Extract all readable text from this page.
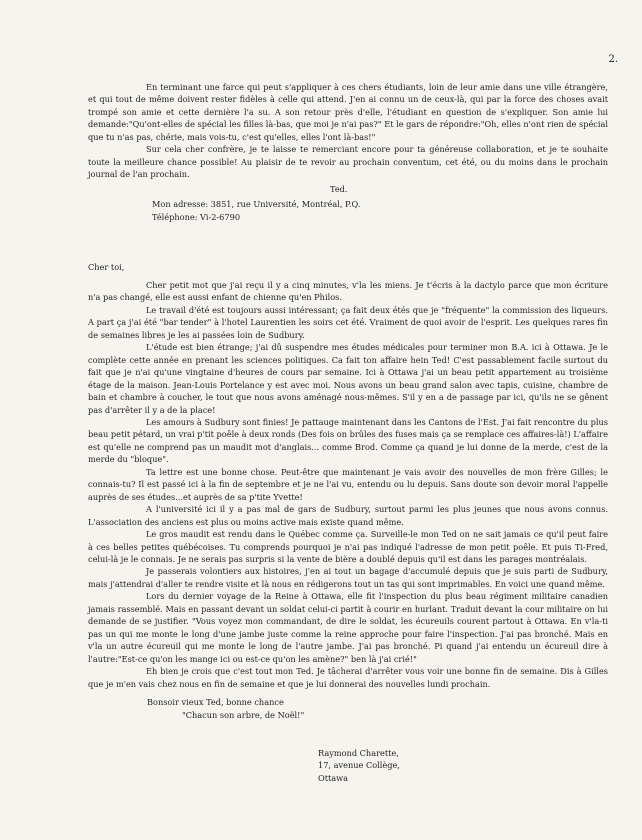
2.

En terminant une farce qui peut s'appliquer à ces chers étudiants, loin de leur amie dans une ville étrangère, et qui tout de même doivent rester fidèles à celle qui attend. J'en ai connu un de ceux-là, qui par la force des choses avait trompé son amie et cette dernière l'a su. A son retour près d'elle, l'étudiant en question de s'expliquer. Son amie lui demande:"Qu'ont-elles de spécial les filles là-bas, que moi je n'ai pas?" Et le gars de répondre:"Oh, elles n'ont rien de spécial que tu n'as pas, chérie, mais vois-tu, c'est qu'elles, elles l'ont là-bas!"

Sur cela cher confrère, je te laisse te remerciant encore pour ta généreuse collaboration, et je te souhaite toute la meilleure chance possible! Au plaisir de te revoir au prochain conventum, cet été, ou du moins dans le prochain journal de l'an prochain.

Ted.
Mon adresse: 3851, rue Université, Montréal, P.Q.
Téléphone: Vi-2-6790
Cher toi,

Cher petit mot que j'ai reçu il y a cinq minutes, v'la les miens. Je t'écris à la dactylo parce que mon écriture n'a pas changé, elle est aussi enfant de chienne qu'en Philos.

Le travail d'été est toujours aussi intéressant; ça fait deux étés que je "fréquente" la commission des liqueurs. A part ça j'ai été "bar tender" à l'hotel Laurentien les soirs cet été. Vraiment de quoi avoir de l'esprit. Les quelques rares fin de semaines libres je les ai passées loin de Sudbury.

L'étude est bien étrange; j'ai dû suspendre mes études médicales pour terminer mon B.A. ici à Ottawa. Je le complète cette année en prenant les sciences politiques. Ca fait ton affaire hein Ted! C'est passablement facile surtout du fait que je n'ai qu'une vingtaine d'heures de cours par semaine. Ici à Ottawa j'ai un beau petit appartement au troisième étage de la maison. Jean-Louis Portelance y est avec moi. Nous avons un beau grand salon avec tapis, cuisine, chambre de bain et chambre à coucher, le tout que nous avons aménagé nous-mêmes. S'il y en a de passage par ici, qu'ils ne se gênent pas d'arrêter il y a de la place!

Les amours à Sudbury sont finies! Je pattauge maintenant dans les Cantons de l'Est. J'ai fait rencontre du plus beau petit pétard, un vrai p'tit poêle à deux ronds (Des fois on brûles des fuses mais ça se remplace ces affaires-là!) L'affaire est qu'elle ne comprend pas un maudit mot d'anglais... comme Brod. Comme ça quand je lui donne de la merde, c'est de la merde du "bloque".

Ta lettre est une bonne chose. Peut-être que maintenant je vais avoir des nouvelles de mon frère Gilles; le connais-tu? Il est passé ici à la fin de septembre et je ne l'ai vu, entendu ou lu depuis. Sans doute son devoir moral l'appelle auprès de ses études...et auprès de sa p'tite Yvette!

A l'université ici il y a pas mal de gars de Sudbury, surtout parmi les plus jeunes que nous avons connus. L'association des anciens est plus ou moins active mais existe quand même.

Le gros maudit est rendu dans le Québec comme ça. Surveille-le mon Ted on ne sait jamais ce qu'il peut faire à ces belles petites québécoises. Tu comprends pourquoi je n'ai pas indiqué l'adresse de mon petit poêle. Et puis Ti-Fred, celui-là je le connais. Je ne serais pas surpris si la vente de bière a doublé depuis qu'il est dans les parages montréalais.

Je passerais volontiers aux histoires, j'en ai tout un bagage d'accumulé depuis que je suis parti de Sudbury, mais j'attendrai d'aller te rendre visite et là nous en rédigerons tout un tas qui sont imprimables. En voici une quand même.

Lors du dernier voyage de la Reine à Ottawa, elle fit l'inspection du plus beau régiment militaire canadien jamais rassemblé. Mais en passant devant un soldat celui-ci partit à courir en hurlant. Traduit devant la cour militaire on lui demande de se justifier. "Vous voyez mon commandant, de dire le soldat, les écureuils courent partout à Ottawa. En v'la-ti pas un qui me monte le long d'une jambe juste comme la reine approche pour faire l'inspection. J'ai pas bronché. Mais en v'la un autre écureuil qui me monte le long de l'autre jambe. J'ai pas bronché. Pi quand j'ai entendu un écureuil dire à l'autre:"Est-ce qu'on les mange ici ou est-ce qu'on les amène?" ben là j'ai crié!"

Eh bien je crois que c'est tout mon Ted. Je tâcherai d'arrêter vous voir une bonne fin de semaine. Dis à Gilles que je m'en vais chez nous en fin de semaine et que je lui donnerai des nouvelles lundi prochain.

Bonsoir vieux Ted, bonne chance
"Chacun son arbre, de Noël!"
Raymond Charette,
17, avenue Collège,
Ottawa
